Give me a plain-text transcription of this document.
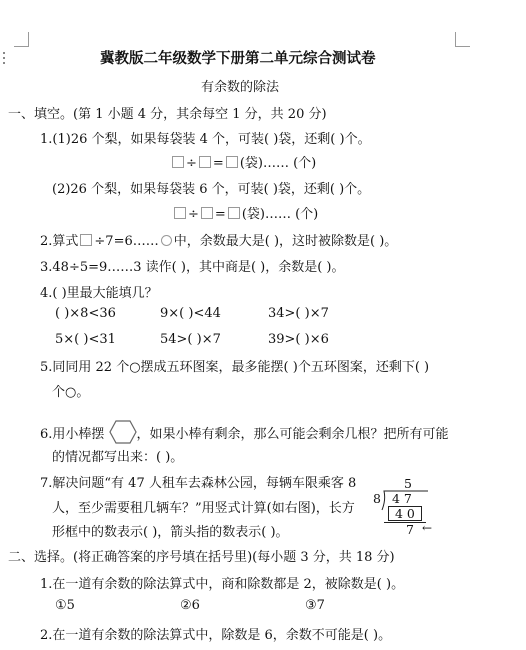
冀教版二年级数学下册第二单元综合测试卷
有余数的除法
一、填空。(第 1 小题 4 分，其余每空 1 分，共 20 分)
1.(1)26 个梨，如果每袋装 4 个，可装( )袋，还剩( )个。
÷ = (袋)…… (个)
(2)26 个梨，如果每袋装 6 个，可装( )袋，还剩( )个。
÷ = (袋)…… (个)
2.算式 ÷7=6…… 中，余数最大是( )，这时被除数是( )。
3.48÷5=9……3 读作( )，其中商是( )，余数是( )。
4.( )里最大能填几？
( )×8<36	9×( )<44	34>( )×7
5×( )<31	54>( )×7	39>( )×6
5.同同用 22 个○摆成五环图案，最多能摆( )个五环图案，还剩下( )
个○。
6.用小棒摆 ，如果小棒有剩余，那么可能会剩余几根？把所有可能
的情况都写出来：( )。
7.解决问题“有 47 人租车去森林公园，每辆车限乘客 8
人，至少需要租几辆车？”用竖式计算(如右图)，长方
形框中的数表示( )，箭头指的数表示( )。
5
8 4 7
4 0
7 ←
二、选择。(将正确答案的序号填在括号里)(每小题 3 分，共 18 分)
1.在一道有余数的除法算式中，商和除数都是 2，被除数是( )。
①5	②6	③7
2.在一道有余数的除法算式中，除数是 6，余数不可能是( )。
